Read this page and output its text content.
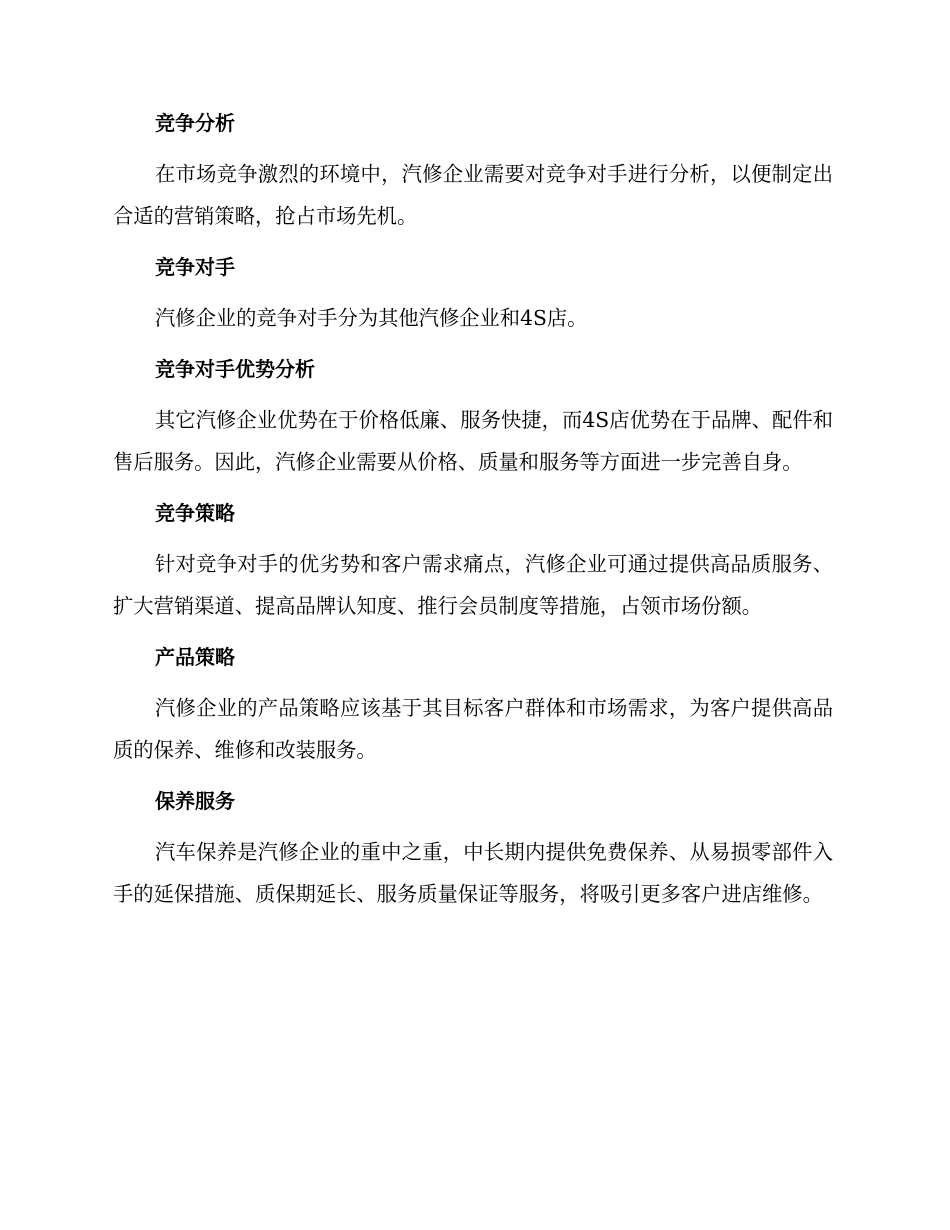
竞争分析

在市场竞争激烈的环境中，汽修企业需要对竞争对手进行分析，以便制定出合适的营销策略，抢占市场先机。

竞争对手

汽修企业的竞争对手分为其他汽修企业和4S店。

竞争对手优势分析

其它汽修企业优势在于价格低廉、服务快捷，而4S店优势在于品牌、配件和售后服务。因此，汽修企业需要从价格、质量和服务等方面进一步完善自身。

竞争策略

针对竞争对手的优劣势和客户需求痛点，汽修企业可通过提供高品质服务、扩大营销渠道、提高品牌认知度、推行会员制度等措施，占领市场份额。

产品策略

汽修企业的产品策略应该基于其目标客户群体和市场需求，为客户提供高品质的保养、维修和改装服务。

保养服务

汽车保养是汽修企业的重中之重，中长期内提供免费保养、从易损零部件入手的延保措施、质保期延长、服务质量保证等服务，将吸引更多客户进店维修。
